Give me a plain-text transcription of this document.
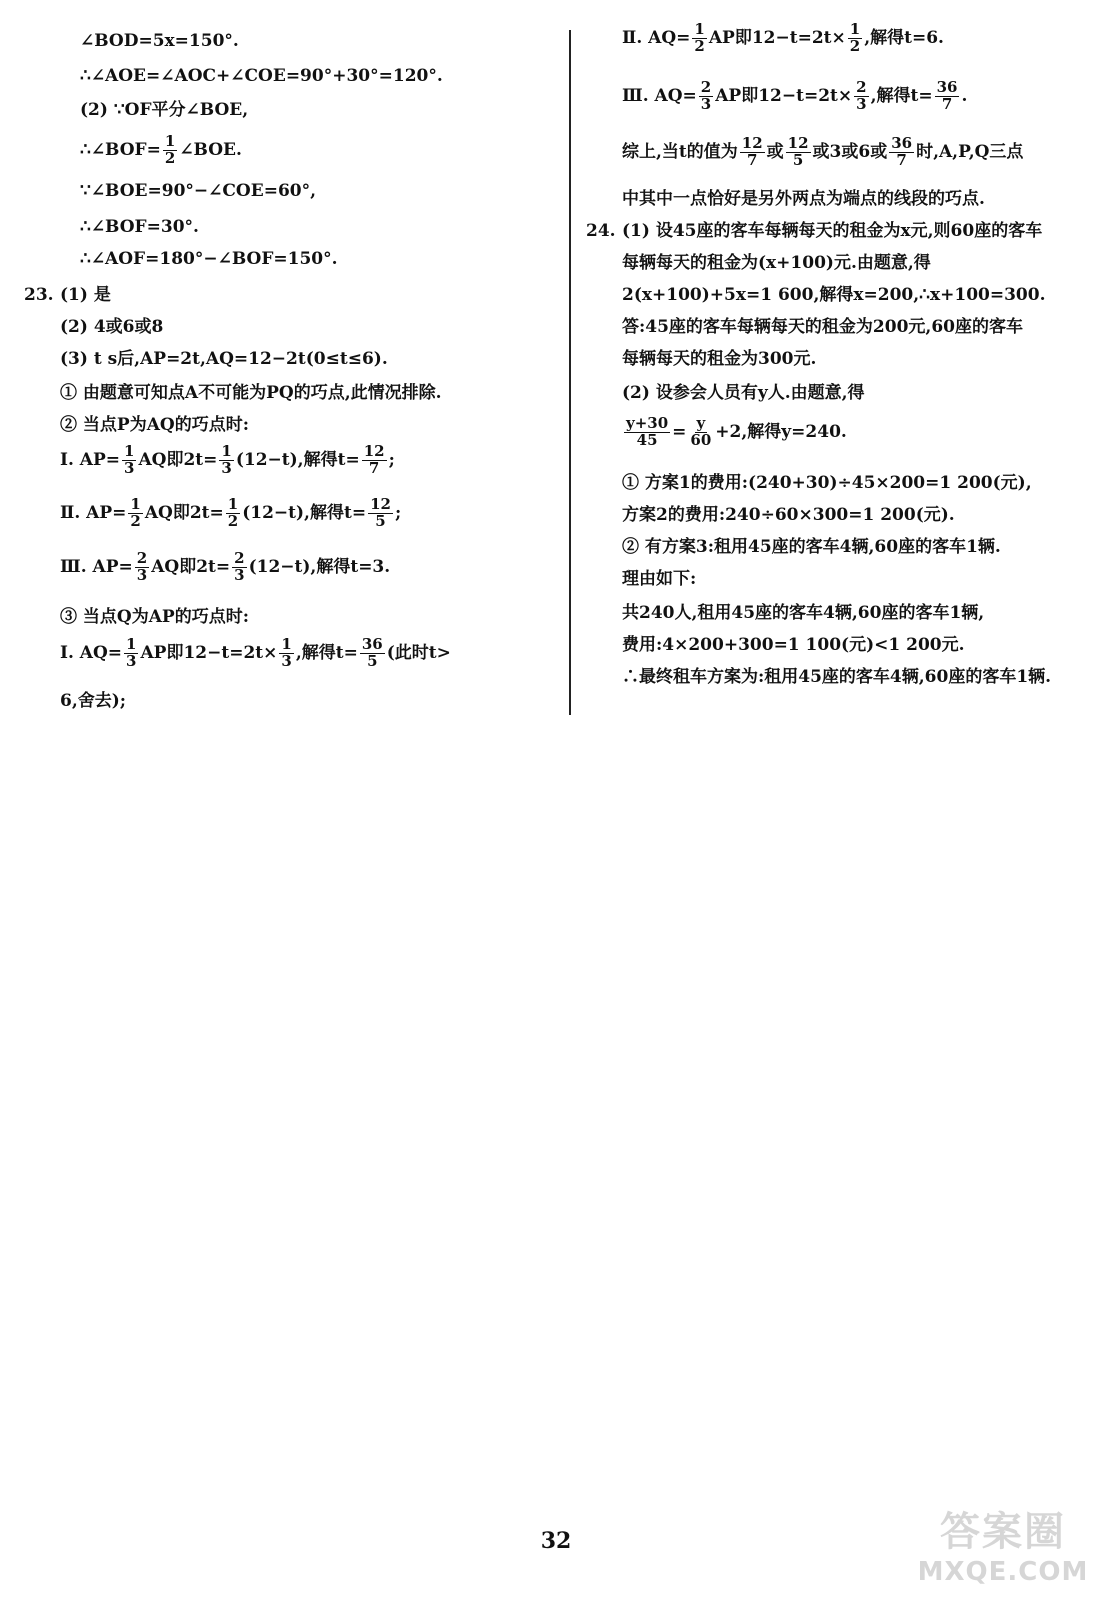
∠BOD=5x=150°.
∴∠AOE=∠AOC+∠COE=90°+30°=120°.
(2) ∵OF平分∠BOE,
∴∠BOF= $\frac{1}{2}$ ∠BOE.
∵∠BOE=90°−∠COE=60°,
∴∠BOF=30°.
∴∠AOF=180°−∠BOF=150°.
23. (1) 是
(2) 4或6或8
(3) t s后,AP=2t,AQ=12−2t(0≤t≤6).
① 由题意可知点A不可能为PQ的巧点,此情况排除.
② 当点P为AQ的巧点时:
Ⅰ. $AP= \frac{1}{3}$ AQ即$2t= \frac{1}{3} (12-t)$,解得$t= \frac{12}{7}$ ;
Ⅱ. $AP= \frac{1}{2}$ AQ即$2t= \frac{1}{2} (12-t)$,解得$t= \frac{12}{5}$ ;
Ⅲ. $AP= \frac{2}{3}$ AQ即$2t= \frac{2}{3} (12-t)$,解得t=3.
③ 当点Q为AP的巧点时:
Ⅰ. $AQ= \frac{1}{3}$ AP即$12-t=2t\times \frac{1}{3}$ ,解得$t= \frac{36}{5}$ (此时t>
6,舍去);
Ⅱ. $AQ= \frac{1}{2}$ AP即$12-t=2t\times \frac{1}{2}$ ,解得t=6.
Ⅲ. $AQ= \frac{2}{3}$ AP即$12-t=2t\times \frac{2}{3}$ ,解得$t= \frac{36}{7}$ .
综上,当t的值为 $\frac{12}{7}$ 或 $\frac{12}{5}$ 或3或6或 $\frac{36}{7}$ 时,A,P,Q三点
中其中一点恰好是另外两点为端点的线段的巧点.
24. (1) 设45座的客车每辆每天的租金为x元,则60座的客车
每辆每天的租金为(x+100)元.由题意,得
2(x+100)+5x=1 600,解得x=200,∴x+100=300.
答:45座的客车每辆每天的租金为200元,60座的客车
每辆每天的租金为300元.
(2) 设参会人员有y人.由题意,得
$\frac{y+30}{45} = \frac{y}{60} +2$,解得y=240.
① 方案1的费用:(240+30)÷45×200=1 200(元),
方案2的费用:240÷60×300=1 200(元).
② 有方案3:租用45座的客车4辆,60座的客车1辆.
理由如下:
共240人,租用45座的客车4辆,60座的客车1辆,
费用:4×200+300=1 100(元)<1 200元.
∴最终租车方案为:租用45座的客车4辆,60座的客车1辆.
32	答案圈
MXQE.COM
